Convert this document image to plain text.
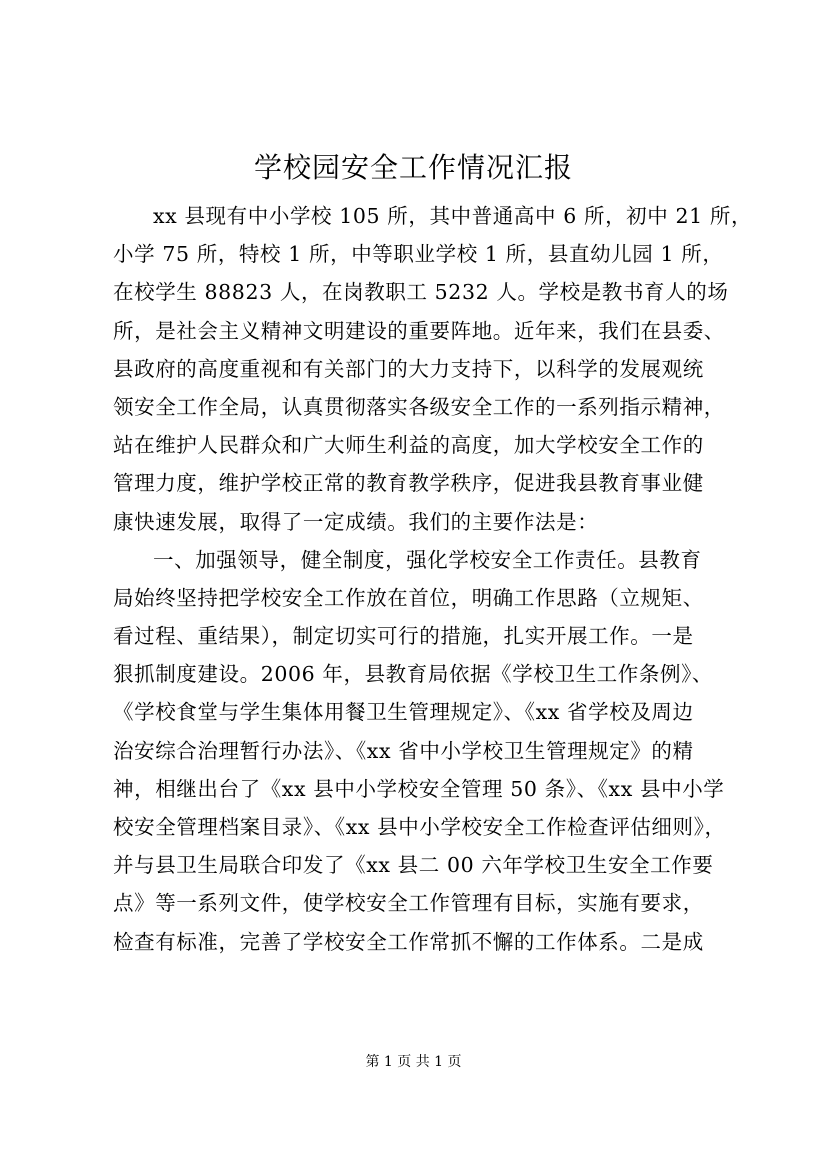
学校园安全工作情况汇报
xx 县现有中小学校 105 所，其中普通高中 6 所，初中 21 所，
小学 75 所，特校 1 所，中等职业学校 1 所，县直幼儿园 1 所，
在校学生 88823 人，在岗教职工 5232 人。学校是教书育人的场
所，是社会主义精神文明建设的重要阵地。近年来，我们在县委、
县政府的高度重视和有关部门的大力支持下，以科学的发展观统
领安全工作全局，认真贯彻落实各级安全工作的一系列指示精神，
站在维护人民群众和广大师生利益的高度，加大学校安全工作的
管理力度，维护学校正常的教育教学秩序，促进我县教育事业健
康快速发展，取得了一定成绩。我们的主要作法是：
一、加强领导，健全制度，强化学校安全工作责任。县教育
局始终坚持把学校安全工作放在首位，明确工作思路（立规矩、
看过程、重结果），制定切实可行的措施，扎实开展工作。一是
狠抓制度建设。2006 年，县教育局依据《学校卫生工作条例》、
《学校食堂与学生集体用餐卫生管理规定》、《xx 省学校及周边
治安综合治理暂行办法》、《xx 省中小学校卫生管理规定》的精
神，相继出台了《xx 县中小学校安全管理 50 条》、《xx 县中小学
校安全管理档案目录》、《xx 县中小学校安全工作检查评估细则》，
并与县卫生局联合印发了《xx 县二 00 六年学校卫生安全工作要
点》等一系列文件，使学校安全工作管理有目标，实施有要求，
检查有标准，完善了学校安全工作常抓不懈的工作体系。二是成
第 1 页 共 1 页
